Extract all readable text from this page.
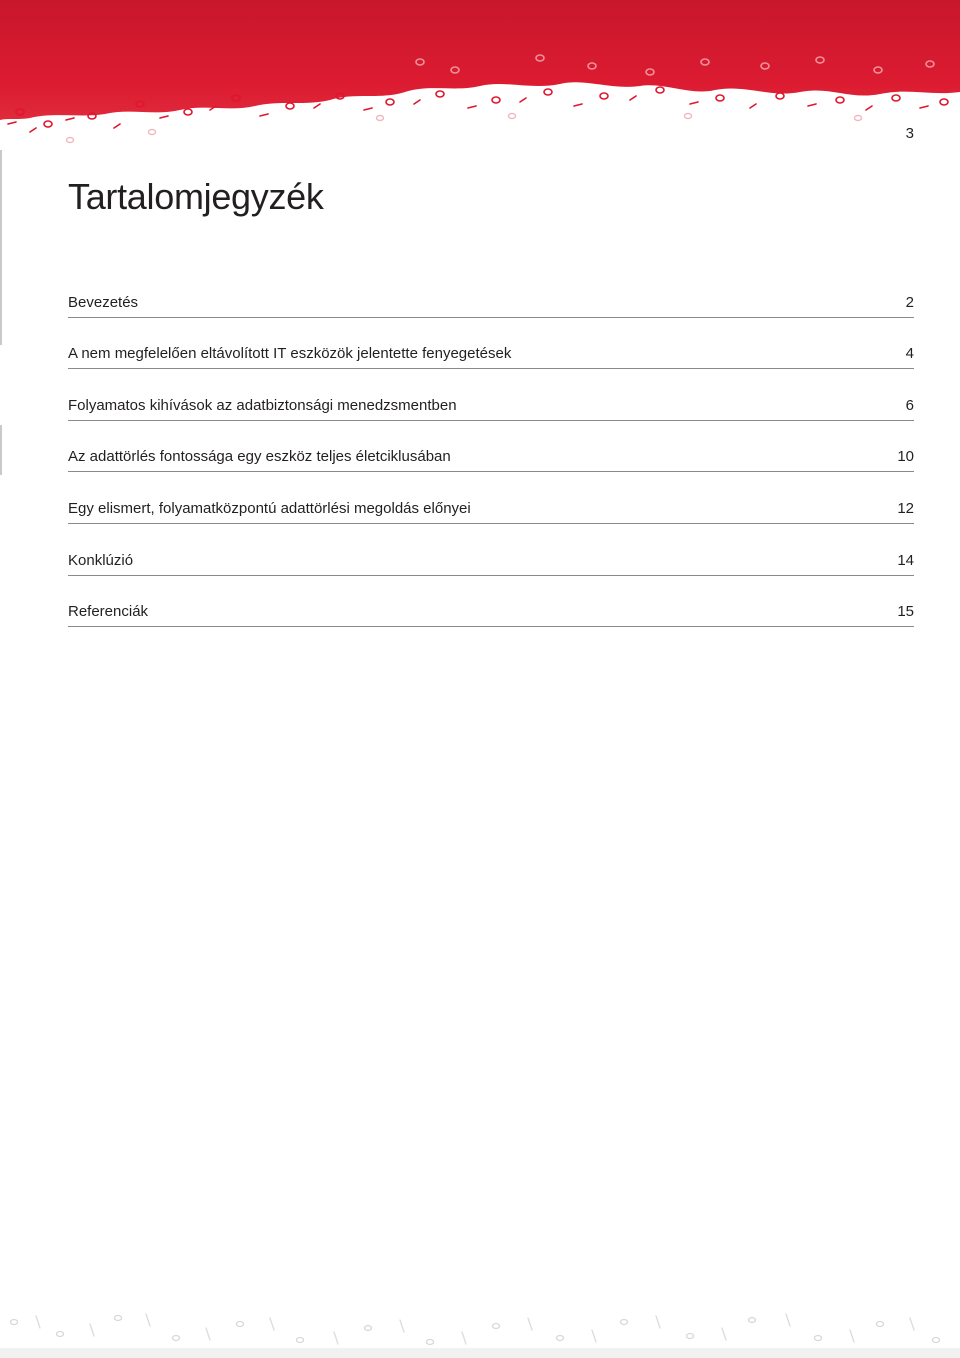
3
Tartalomjegyzék
Bevezetés	2
A nem megfelelően eltávolított IT eszközök jelentette fenyegetések	4
Folyamatos kihívások az adatbiztonsági menedzsmentben	6
Az adattörlés fontossága egy eszköz teljes életciklusában	10
Egy elismert, folyamatközpontú adattörlési megoldás előnyei	12
Konklúzió	14
Referenciák	15
